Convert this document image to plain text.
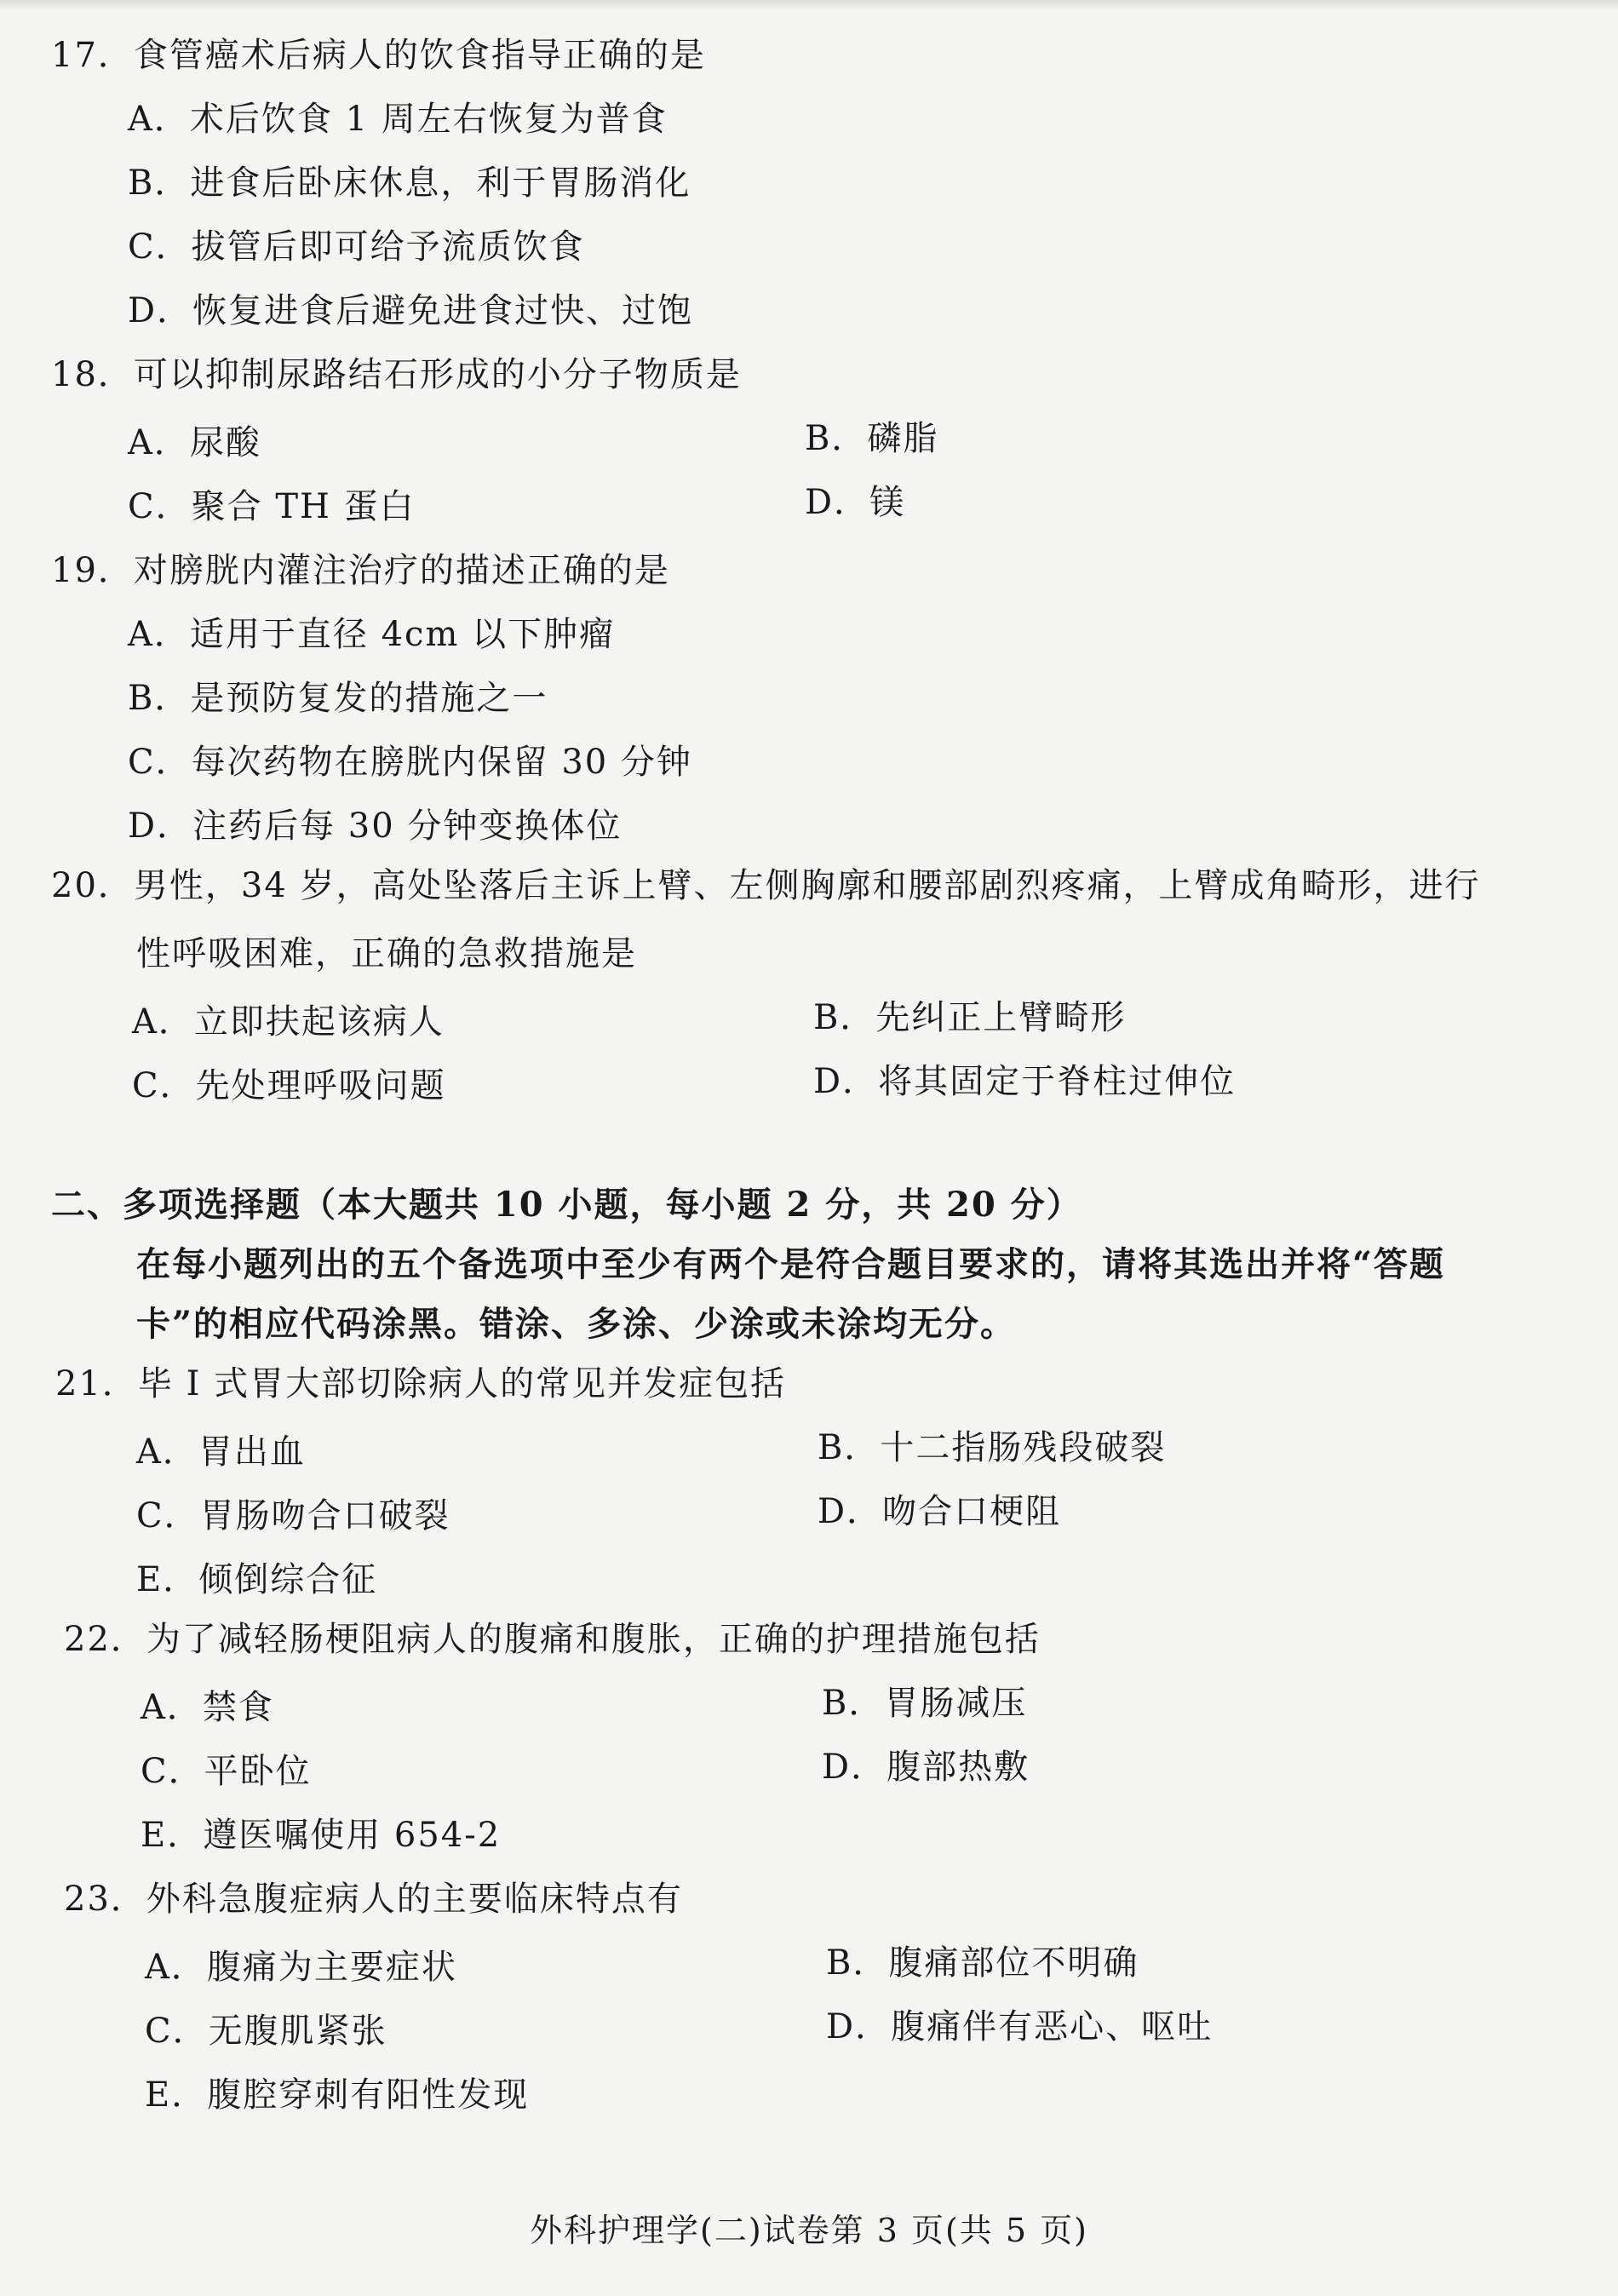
17．食管癌术后病人的饮食指导正确的是
A．术后饮食 1 周左右恢复为普食
B．进食后卧床休息，利于胃肠消化
C．拔管后即可给予流质饮食
D．恢复进食后避免进食过快、过饱
18．可以抑制尿路结石形成的小分子物质是
A．尿酸	B．磷脂
C．聚合 TH 蛋白	D．镁
19．对膀胱内灌注治疗的描述正确的是
A．适用于直径 4cm 以下肿瘤
B．是预防复发的措施之一
C．每次药物在膀胱内保留 30 分钟
D．注药后每 30 分钟变换体位
20．男性，34 岁，高处坠落后主诉上臂、左侧胸廓和腰部剧烈疼痛，上臂成角畸形，进行
性呼吸困难，正确的急救措施是
A．立即扶起该病人	B．先纠正上臂畸形
C．先处理呼吸问题	D．将其固定于脊柱过伸位
二、多项选择题（本大题共 10 小题，每小题 2 分，共 20 分）
在每小题列出的五个备选项中至少有两个是符合题目要求的，请将其选出并将“答题
卡”的相应代码涂黑。错涂、多涂、少涂或未涂均无分。
21．毕 I 式胃大部切除病人的常见并发症包括
A．胃出血	B．十二指肠残段破裂
C．胃肠吻合口破裂	D．吻合口梗阻
E．倾倒综合征
22．为了减轻肠梗阻病人的腹痛和腹胀，正确的护理措施包括
A．禁食	B．胃肠减压
C．平卧位	D．腹部热敷
E．遵医嘱使用 654-2
23．外科急腹症病人的主要临床特点有
A．腹痛为主要症状	B．腹痛部位不明确
C．无腹肌紧张	D．腹痛伴有恶心、呕吐
E．腹腔穿刺有阳性发现
外科护理学(二)试卷第 3 页(共 5 页)
